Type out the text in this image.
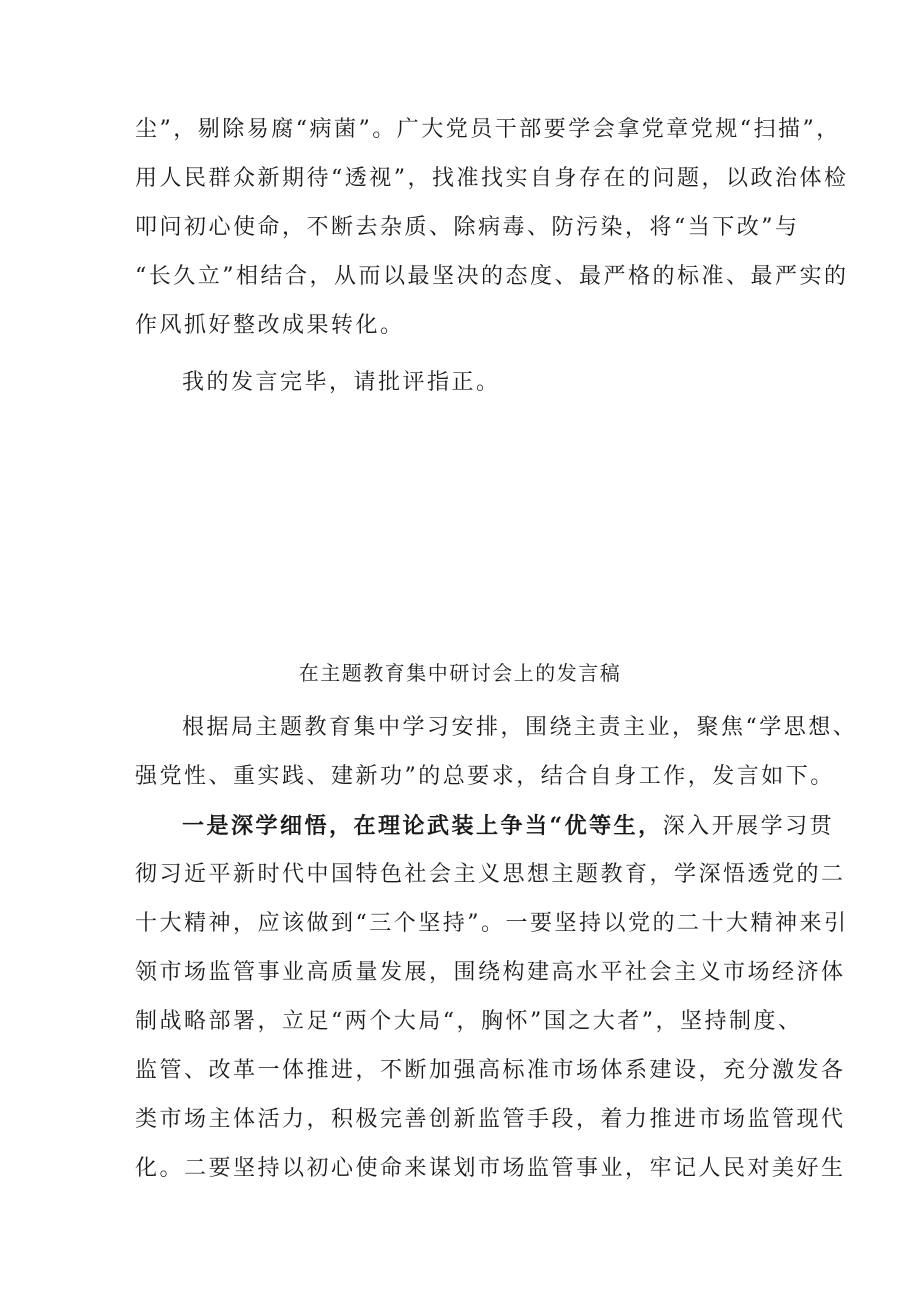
尘”，剔除易腐“病菌”。广大党员干部要学会拿党章党规“扫描”，
用人民群众新期待“透视”，找准找实自身存在的问题，以政治体检
叩问初心使命，不断去杂质、除病毒、防污染，将“当下改”与
“长久立”相结合，从而以最坚决的态度、最严格的标准、最严实的
作风抓好整改成果转化。
我的发言完毕，请批评指正。
在主题教育集中研讨会上的发言稿
根据局主题教育集中学习安排，围绕主责主业，聚焦“学思想、
强党性、重实践、建新功”的总要求，结合自身工作，发言如下。
一是深学细悟，在理论武装上争当“优等生，深入开展学习贯
彻习近平新时代中国特色社会主义思想主题教育，学深悟透党的二
十大精神，应该做到“三个坚持”。一要坚持以党的二十大精神来引
领市场监管事业高质量发展，围绕构建高水平社会主义市场经济体
制战略部署，立足“两个大局“，胸怀”国之大者”，坚持制度、
监管、改革一体推进，不断加强高标准市场体系建设，充分激发各
类市场主体活力，积极完善创新监管手段，着力推进市场监管现代
化。二要坚持以初心使命来谋划市场监管事业，牢记人民对美好生
